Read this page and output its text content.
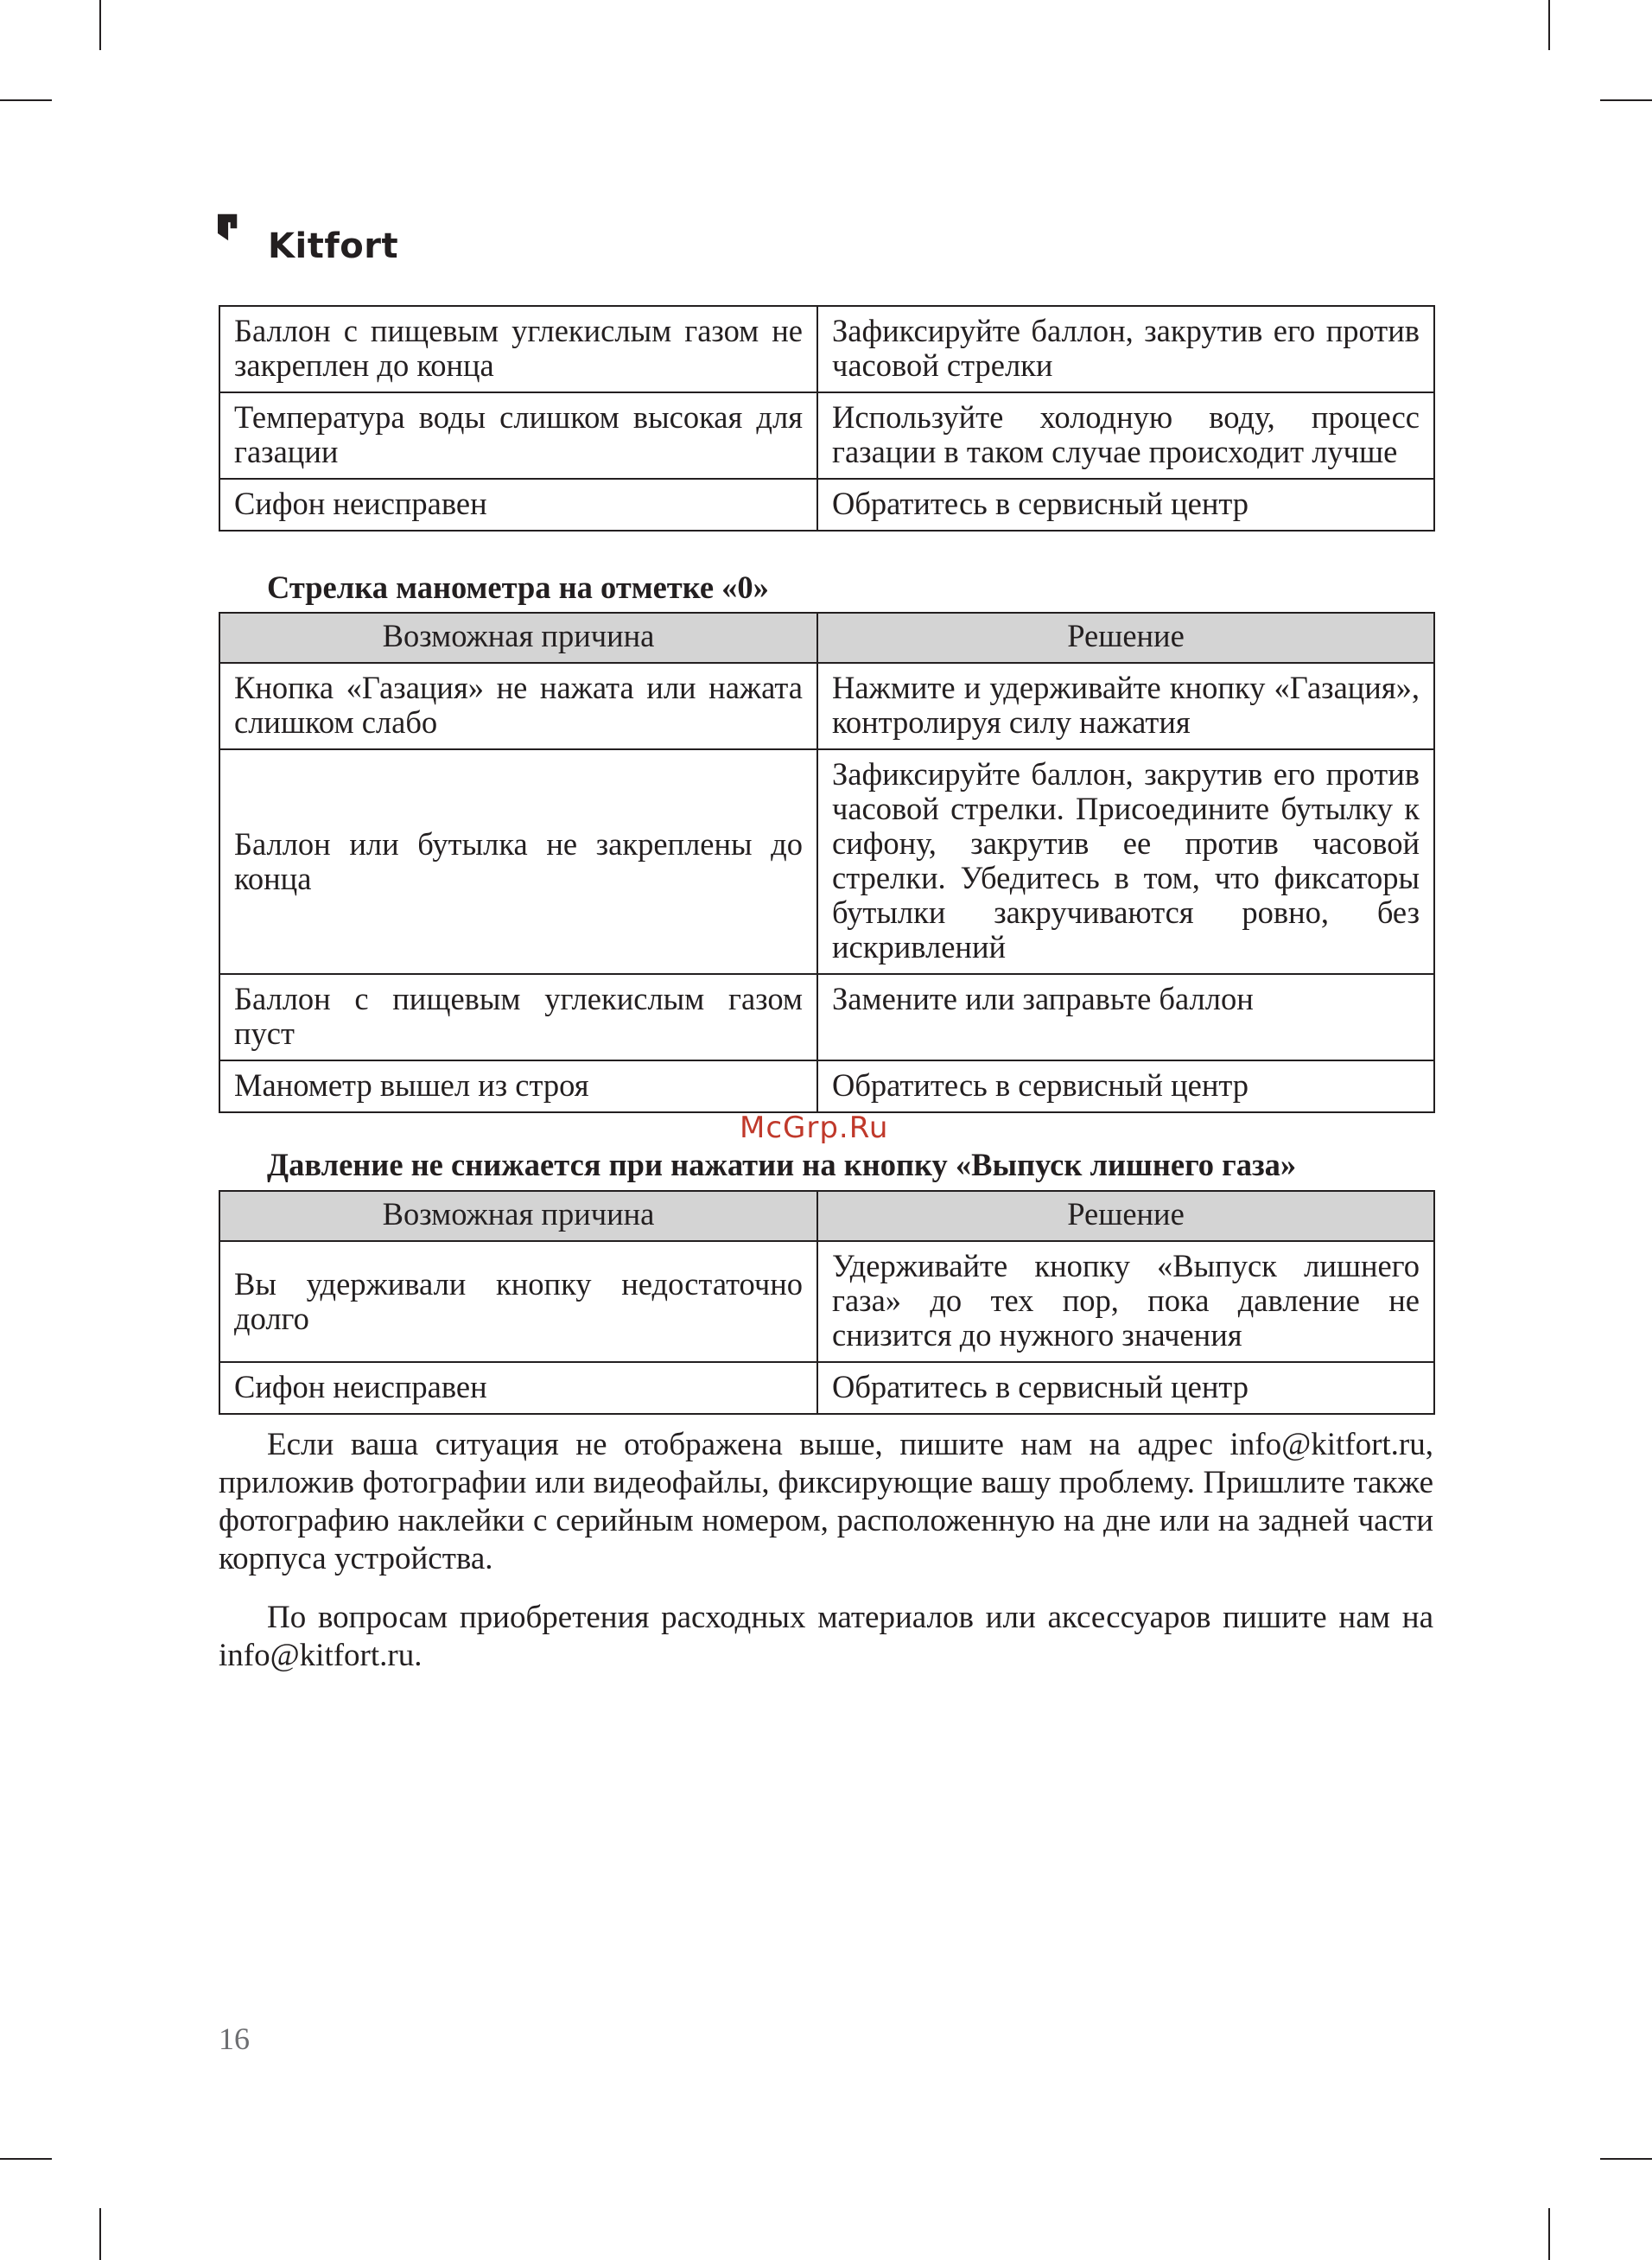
Kitfort
Баллон с пищевым углекислым газом не закреплен до конца	Зафиксируйте баллон, закрутив его против часовой стрелки
Температура воды слишком высокая для газации	Используйте холодную воду, процесс газации в таком случае происходит лучше
Сифон неисправен	Обратитесь в сервисный центр
Стрелка манометра на отметке «0»
Возможная причина	Решение
Кнопка «Газация» не нажата или нажата слишком слабо	Нажмите и удерживайте кнопку «Газация», контролируя силу нажатия
Баллон или бутылка не закреплены до конца	Зафиксируйте баллон, закрутив его против часовой стрелки. Присоедините бутылку к сифону, закрутив ее против часовой стрелки. Убедитесь в том, что фиксаторы бутылки закручиваются ровно, без искривлений
Баллон с пищевым углекислым газом пуст	Замените или заправьте баллон
Манометр вышел из строя	Обратитесь в сервисный центр
McGrp.Ru
Давление не снижается при нажатии на кнопку «Выпуск лишнего газа»
Возможная причина	Решение
Вы удерживали кнопку недостаточно долго	Удерживайте кнопку «Выпуск лишнего газа» до тех пор, пока давление не снизится до нужного значения
Сифон неисправен	Обратитесь в сервисный центр

Если ваша ситуация не отображена выше, пишите нам на адрес info@kitfort.ru, приложив фотографии или видеофайлы, фиксирующие вашу проблему. Пришлите также фотографию наклейки с серийным номером, расположенную на дне или на задней части корпуса устройства.

По вопросам приобретения расходных материалов или аксессуаров пишите нам на info@kitfort.ru.

16
